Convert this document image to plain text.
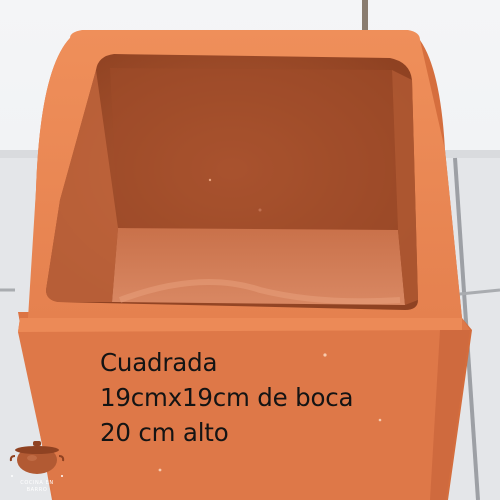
Cuadrada
19cmx19cm de boca
20 cm alto
COCINA EN
BARRO
